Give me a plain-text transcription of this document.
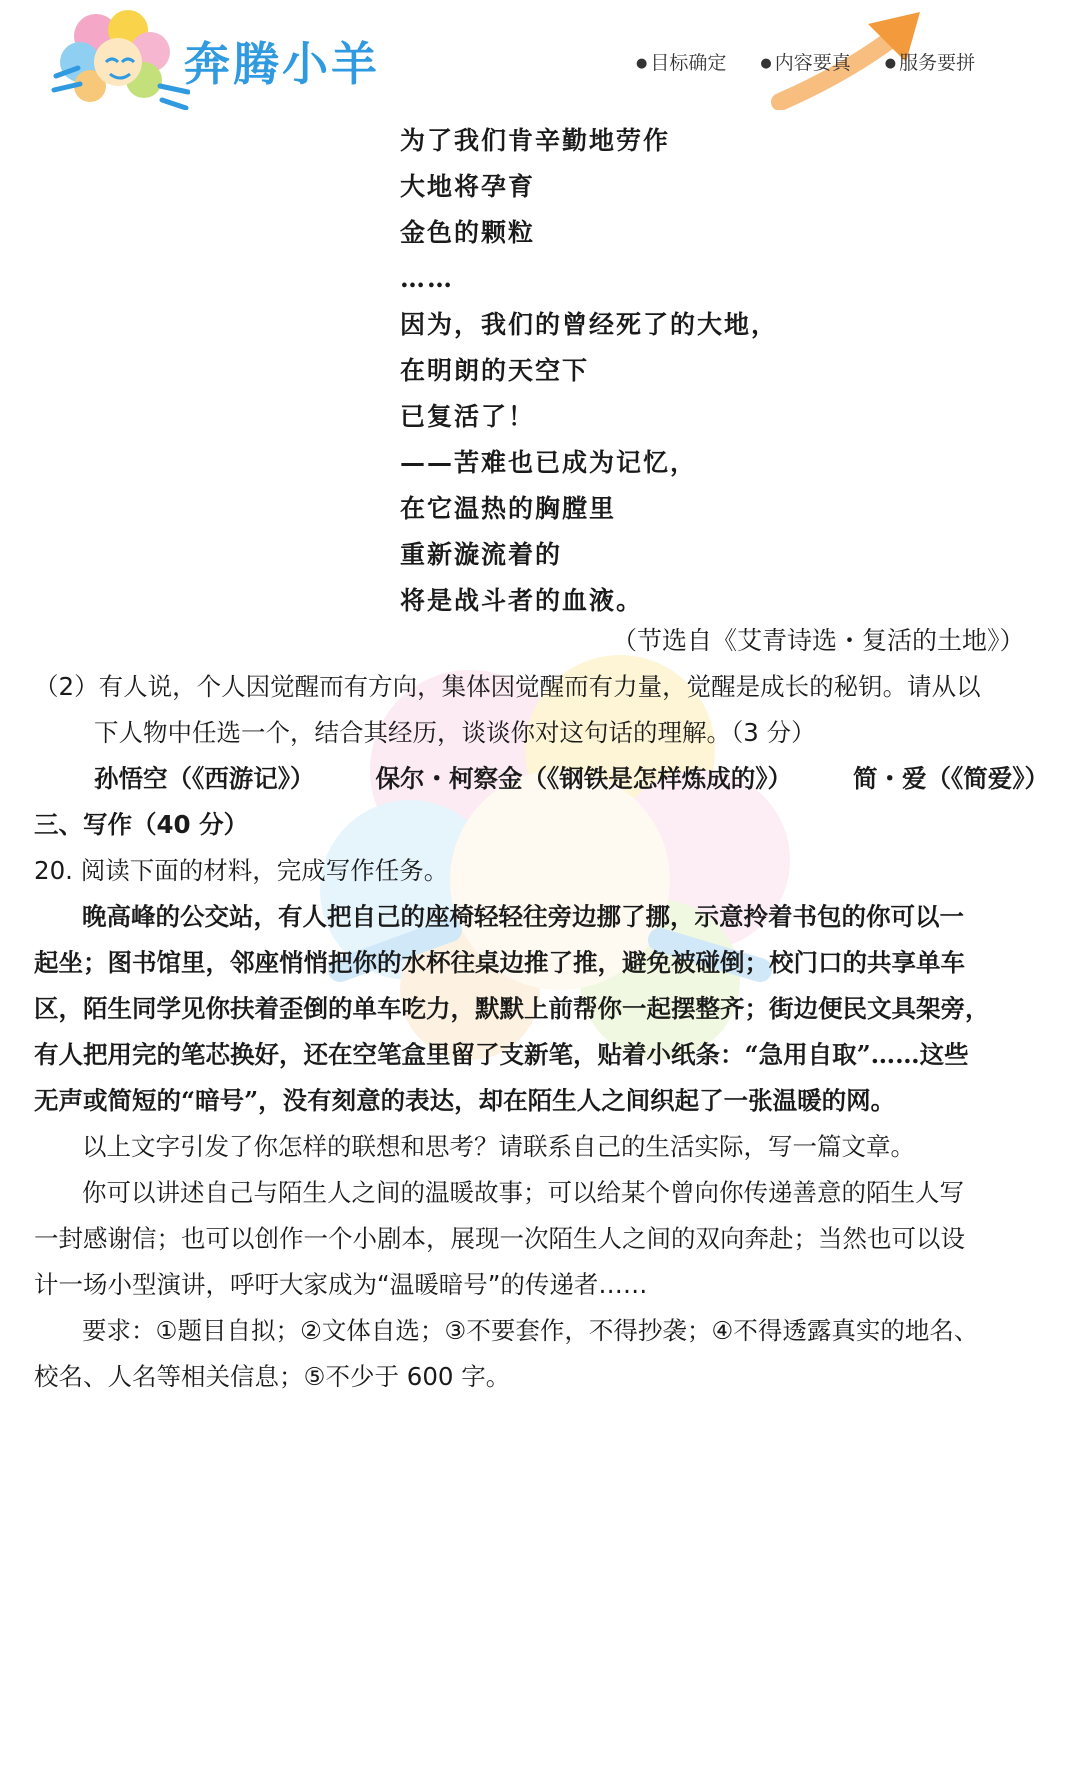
奔腾小羊	● 目标确定	● 内容要真	● 服务要拼
为了我们肯辛勤地劳作
大地将孕育
金色的颗粒
……
因为，我们的曾经死了的大地，
在明朗的天空下
已复活了！
——苦难也已成为记忆，
在它温热的胸膛里
重新漩流着的
将是战斗者的血液。
（节选自《艾青诗选・复活的土地》）
（2）有人说，个人因觉醒而有方向，集体因觉醒而有力量，觉醒是成长的秘钥。请从以
下人物中任选一个，结合其经历，谈谈你对这句话的理解。（3 分）
孙悟空（《西游记》） 保尔・柯察金（《钢铁是怎样炼成的》） 简・爱（《简爱》）
三、写作（40 分）
20. 阅读下面的材料，完成写作任务。
晚高峰的公交站，有人把自己的座椅轻轻往旁边挪了挪，示意拎着书包的你可以一
起坐；图书馆里，邻座悄悄把你的水杯往桌边推了推，避免被碰倒；校门口的共享单车
区，陌生同学见你扶着歪倒的单车吃力，默默上前帮你一起摆整齐；街边便民文具架旁，
有人把用完的笔芯换好，还在空笔盒里留了支新笔，贴着小纸条：“急用自取”……这些
无声或简短的“暗号”，没有刻意的表达，却在陌生人之间织起了一张温暖的网。
以上文字引发了你怎样的联想和思考？请联系自己的生活实际，写一篇文章。
你可以讲述自己与陌生人之间的温暖故事；可以给某个曾向你传递善意的陌生人写
一封感谢信；也可以创作一个小剧本，展现一次陌生人之间的双向奔赴；当然也可以设
计一场小型演讲，呼吁大家成为“温暖暗号”的传递者……
要求：①题目自拟；②文体自选；③不要套作，不得抄袭；④不得透露真实的地名、
校名、人名等相关信息；⑤不少于 600 字。
